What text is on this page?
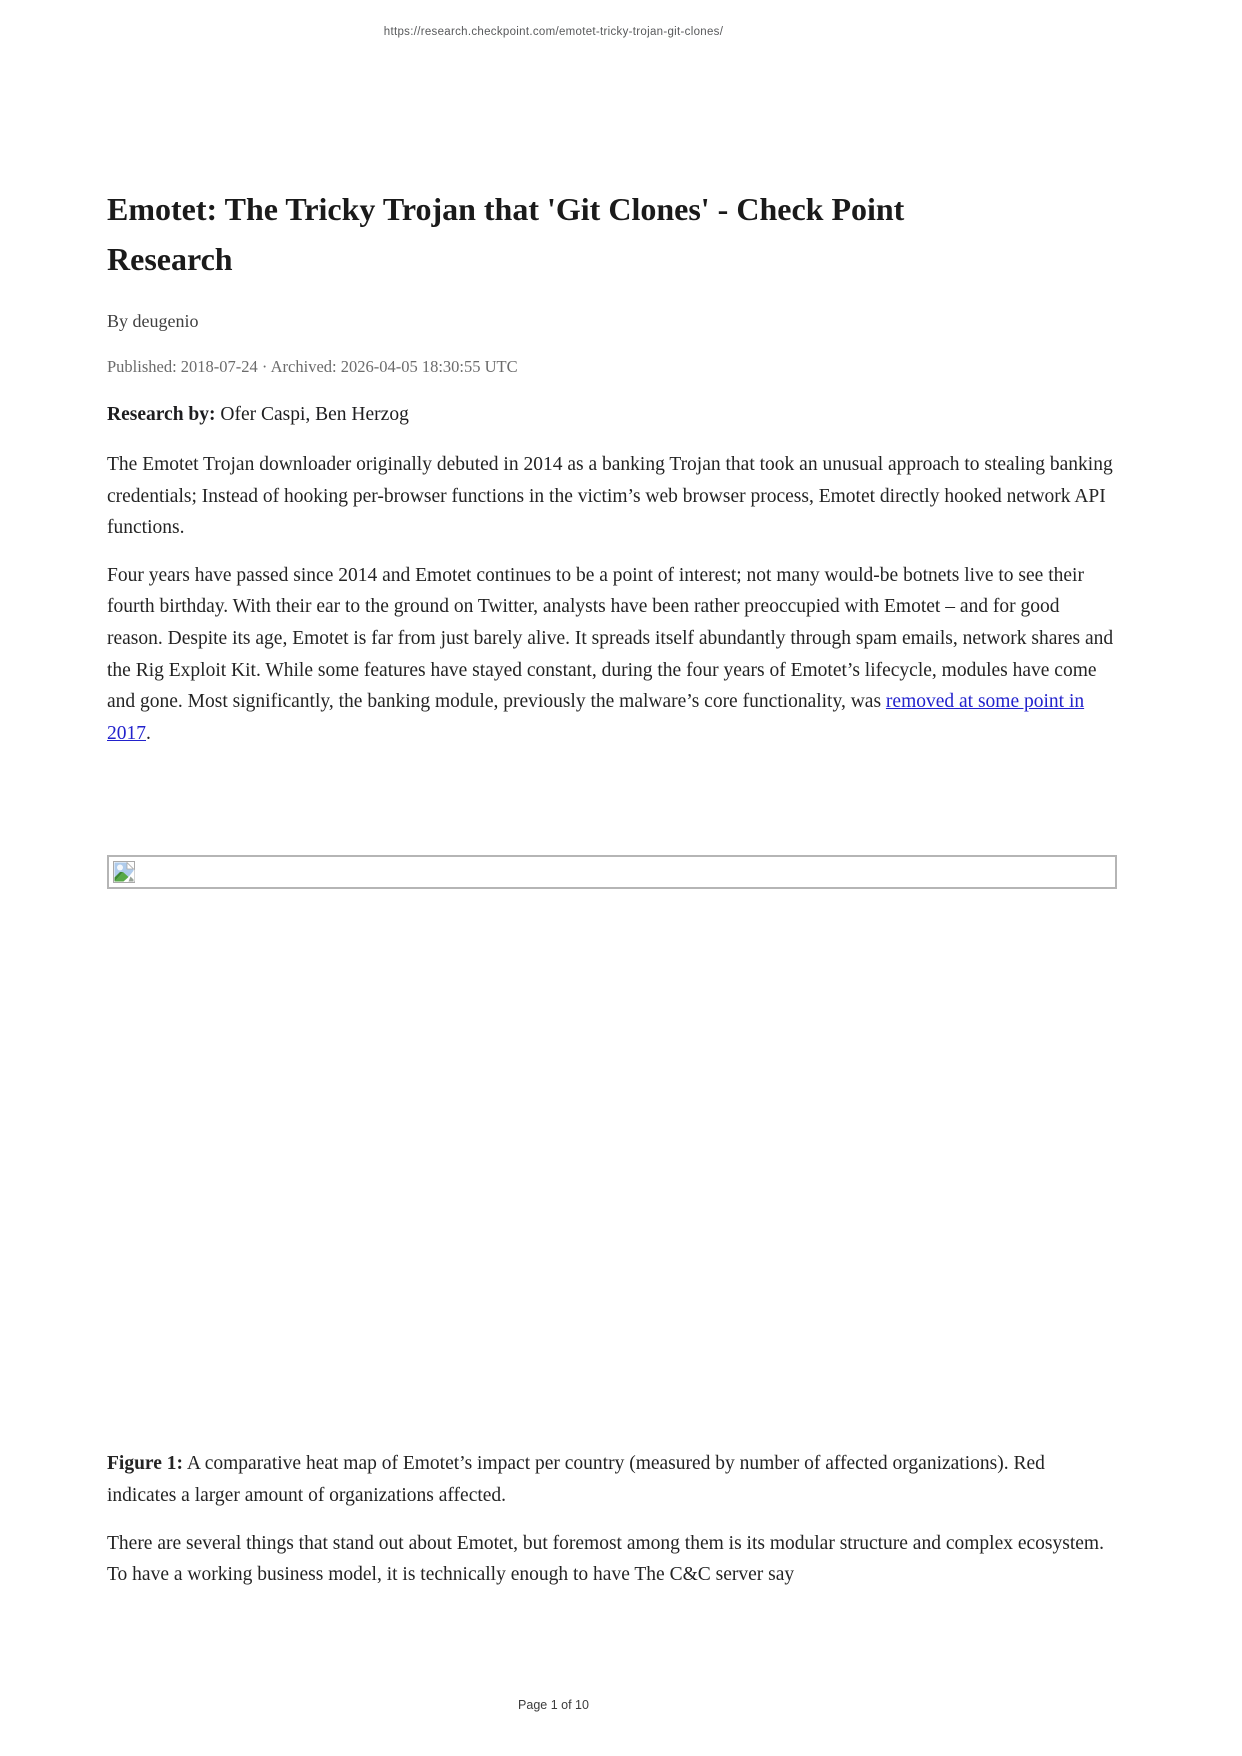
https://research.checkpoint.com/emotet-tricky-trojan-git-clones/
Emotet: The Tricky Trojan that 'Git Clones' - Check Point Research
By deugenio
Published: 2018-07-24 · Archived: 2026-04-05 18:30:55 UTC
Research by: Ofer Caspi, Ben Herzog

The Emotet Trojan downloader originally debuted in 2014 as a banking Trojan that took an unusual approach to stealing banking credentials; Instead of hooking per-browser functions in the victim’s web browser process, Emotet directly hooked network API functions.

Four years have passed since 2014 and Emotet continues to be a point of interest; not many would-be botnets live to see their fourth birthday. With their ear to the ground on Twitter, analysts have been rather preoccupied with Emotet – and for good reason. Despite its age, Emotet is far from just barely alive. It spreads itself abundantly through spam emails, network shares and the Rig Exploit Kit. While some features have stayed constant, during the four years of Emotet’s lifecycle, modules have come and gone. Most significantly, the banking module, previously the malware’s core functionality, was removed at some point in 2017.

Figure 1: A comparative heat map of Emotet’s impact per country (measured by number of affected organizations). Red indicates a larger amount of organizations affected.

There are several things that stand out about Emotet, but foremost among them is its modular structure and complex ecosystem. To have a working business model, it is technically enough to have The C&C server say

Page 1 of 10
